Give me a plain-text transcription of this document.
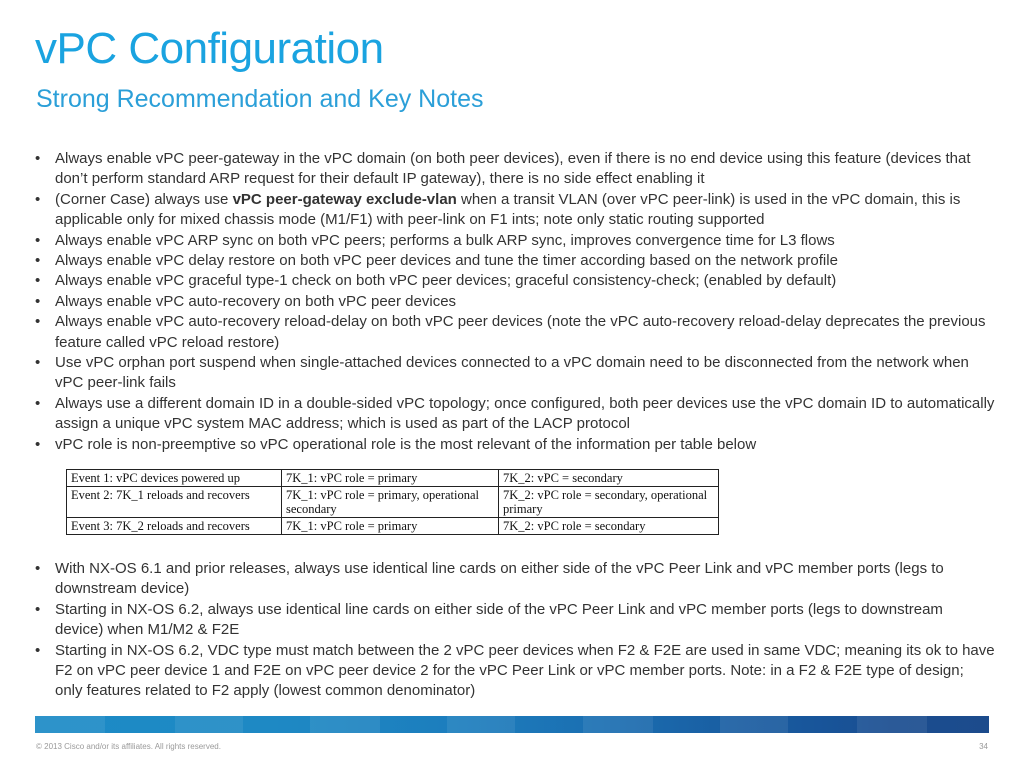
vPC Configuration
Strong Recommendation and Key Notes
• Always enable vPC peer-gateway in the vPC domain (on both peer devices), even if there is no end device using this feature (devices that don’t perform standard ARP request for their default IP gateway), there is no side effect enabling it
• (Corner Case) always use vPC peer-gateway exclude-vlan when a transit VLAN (over vPC peer-link) is used in the vPC domain, this is applicable only for mixed chassis mode (M1/F1) with peer-link on F1 ints; note only static routing supported
• Always enable vPC ARP sync on both vPC peers; performs a bulk ARP sync, improves convergence time for L3 flows
• Always enable vPC delay restore on both vPC peer devices and tune the timer according based on the network profile
• Always enable vPC graceful type-1 check on both vPC peer devices; graceful consistency-check; (enabled by default)
• Always enable vPC auto-recovery on both vPC peer devices
• Always enable vPC auto-recovery reload-delay on both vPC peer devices (note the vPC auto-recovery reload-delay deprecates the previous feature called vPC reload restore)
• Use vPC orphan port suspend when single-attached devices connected to a vPC domain need to be disconnected from the network when vPC peer-link fails
• Always use a different domain ID in a double-sided vPC topology; once configured, both peer devices use the vPC domain ID to automatically assign a unique vPC system MAC address; which is used as part of the LACP protocol
• vPC role is non-preemptive so vPC operational role is the most relevant of the information per table below
Event 1: vPC devices powered up	7K_1: vPC role = primary	7K_2: vPC = secondary
Event 2: 7K_1 reloads and recovers	7K_1: vPC role = primary, operational secondary	7K_2: vPC role = secondary, operational primary
Event 3: 7K_2 reloads and recovers	7K_1: vPC role = primary	7K_2: vPC role = secondary
• With NX-OS 6.1 and prior releases, always use identical line cards on either side of the vPC Peer Link and vPC member ports (legs to downstream device)
• Starting in NX-OS 6.2, always use identical line cards on either side of the vPC Peer Link and vPC member ports (legs to downstream device) when M1/M2 & F2E
• Starting in NX-OS 6.2, VDC type must match between the 2 vPC peer devices when F2 & F2E are used in same VDC; meaning its ok to have F2 on vPC peer device 1 and F2E on vPC peer device 2 for the vPC Peer Link or vPC member ports. Note: in a F2 & F2E type of design; only features related to F2 apply (lowest common denominator)
© 2013 Cisco and/or its affiliates. All rights reserved.	34
